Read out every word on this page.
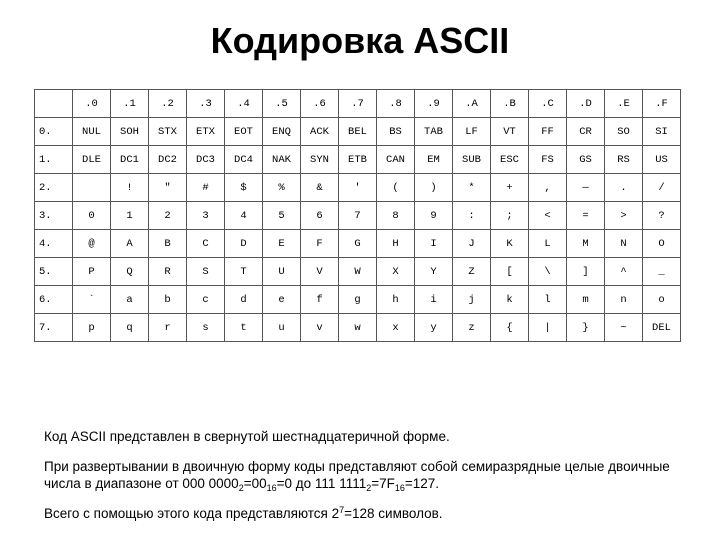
Кодировка ASCII
	.0	.1	.2	.3	.4	.5	.6	.7	.8	.9	.A	.B	.C	.D	.E	.F
0.	NUL	SOH	STX	ETX	EOT	ENQ	ACK	BEL	BS	TAB	LF	VT	FF	CR	SO	SI
1.	DLE	DC1	DC2	DC3	DC4	NAK	SYN	ETB	CAN	EM	SUB	ESC	FS	GS	RS	US
2.		!	"	#	$	%	&	'	(	)	*	+	,	—	.	/
3.	0	1	2	3	4	5	6	7	8	9	:	;	<	=	>	?
4.	@	A	B	C	D	E	F	G	H	I	J	K	L	M	N	O
5.	P	Q	R	S	T	U	V	W	X	Y	Z	[	\	]	^	_
6.	`	a	b	c	d	e	f	g	h	i	j	k	l	m	n	o
7.	p	q	r	s	t	u	v	w	x	y	z	{	|	}	~	DEL

Код ASCII представлен в свернутой шестнадцатеричной форме.

При развертывании в двоичную форму коды представляют собой семиразрядные целые двоичные числа в диапазоне от 000 $0000_2=00_{16}=0$ до 111 $1111_2=7F_{16}=127$.

Всего с помощью этого кода представляются $2^7=128$ символов.
